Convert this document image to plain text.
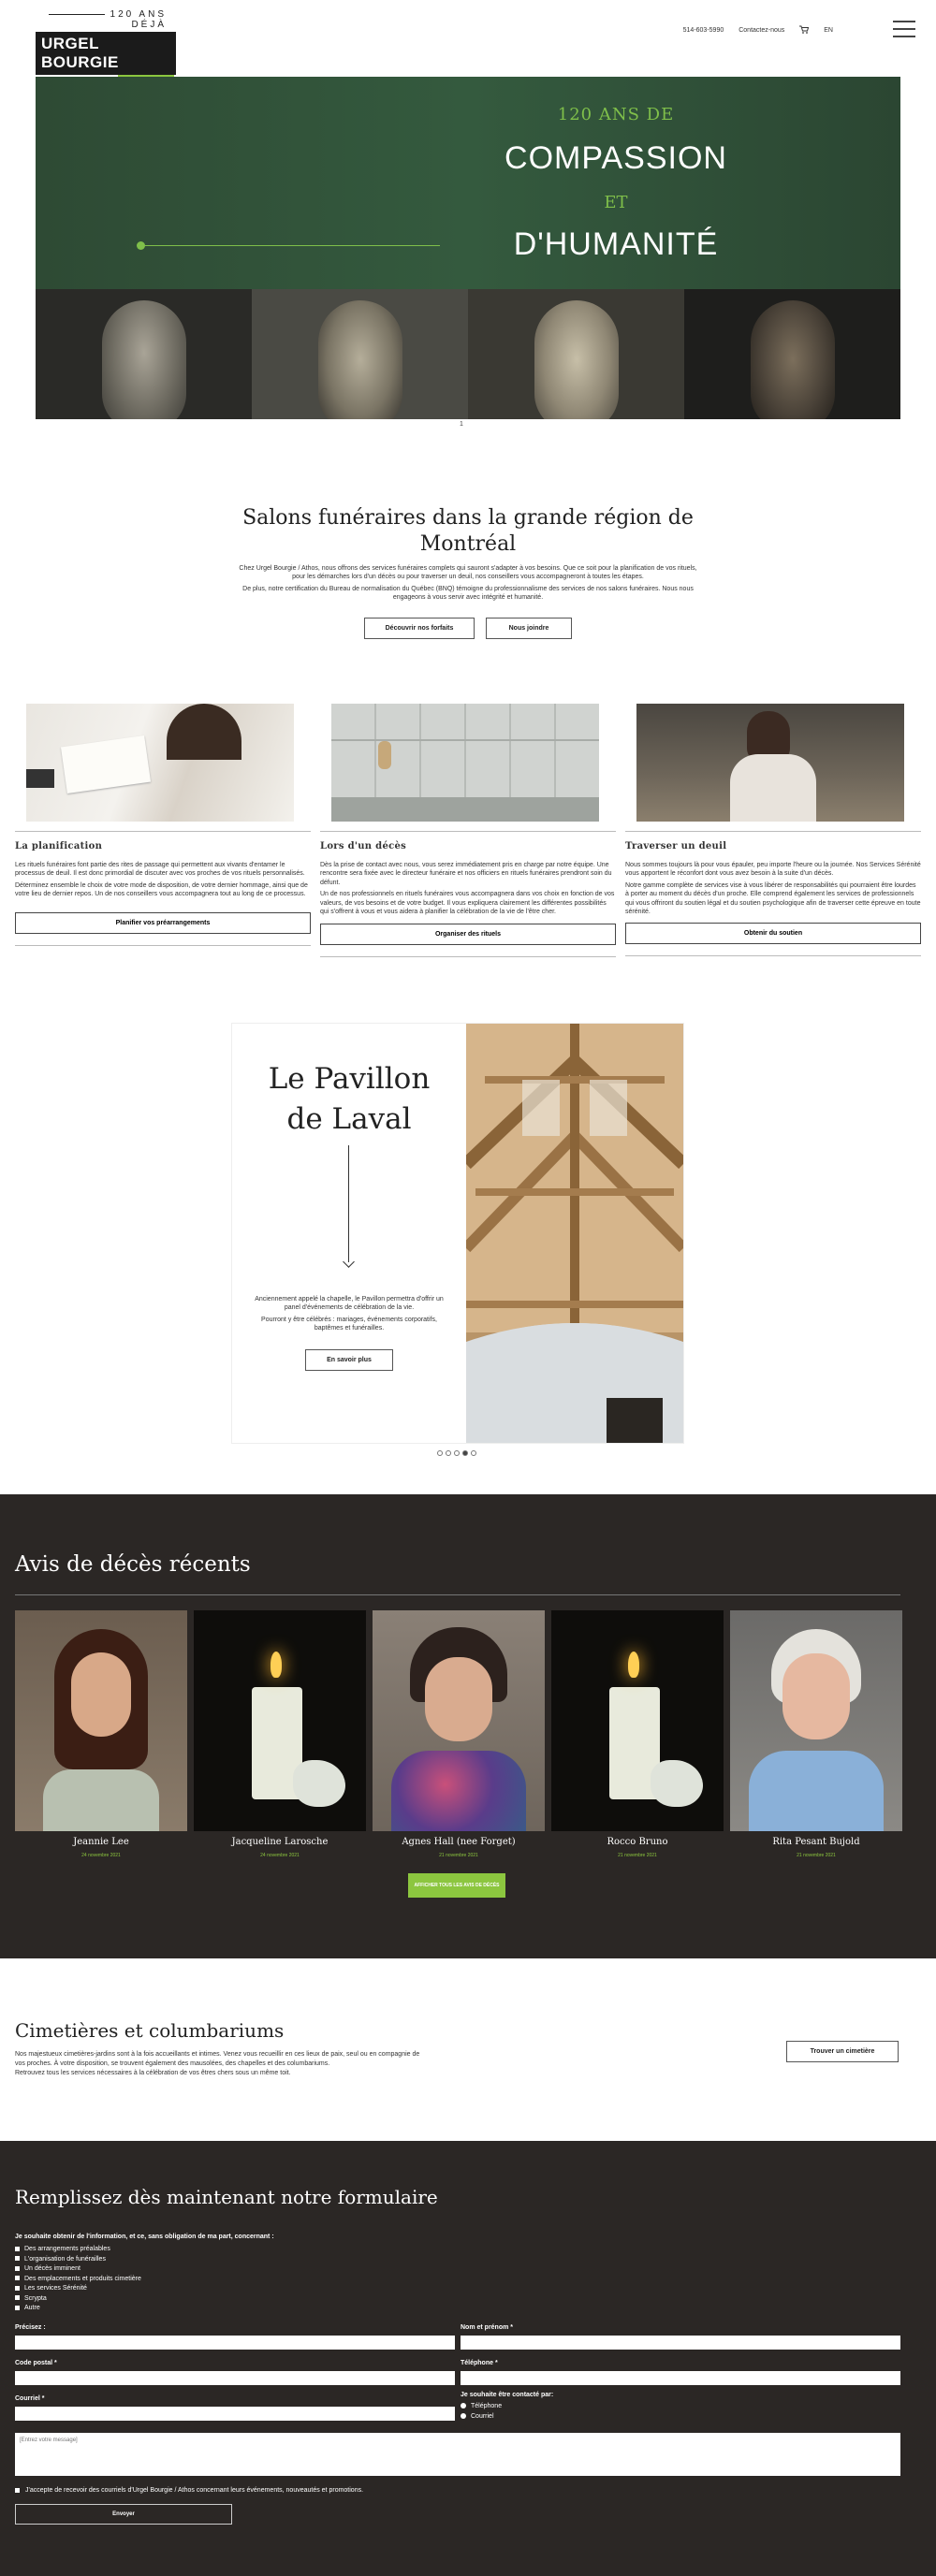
120 ANS DÉJÀ
URGEL BOURGIE
514-603-5990 Contactez-nous	EN
120 ANS DE
COMPASSION
ET
D'HUMANITÉ
1
Salons funéraires dans la grande région de Montréal

Chez Urgel Bourgie / Athos, nous offrons des services funéraires complets qui sauront s'adapter à vos besoins. Que ce soit pour la planification de vos rituels, pour les démarches lors d'un décès ou pour traverser un deuil, nos conseillers vous accompagneront à toutes les étapes.

De plus, notre certification du Bureau de normalisation du Québec (BNQ) témoigne du professionnalisme des services de nos salons funéraires. Nous nous engageons à vous servir avec intégrité et humanité.

Découvrir nos forfaits	Nous joindre
La planification

Les rituels funéraires font partie des rites de passage qui permettent aux vivants d'entamer le processus de deuil. Il est donc primordial de discuter avec vos proches de vos rituels personnalisés.

Déterminez ensemble le choix de votre mode de disposition, de votre dernier hommage, ainsi que de votre lieu de dernier repos. Un de nos conseillers vous accompagnera tout au long de ce processus.

Planifier vos préarrangements
Lors d'un décès

Dès la prise de contact avec nous, vous serez immédiatement pris en charge par notre équipe. Une rencontre sera fixée avec le directeur funéraire et nos officiers en rituels funéraires prendront soin du défunt.

Un de nos professionnels en rituels funéraires vous accompagnera dans vos choix en fonction de vos valeurs, de vos besoins et de votre budget. Il vous expliquera clairement les différentes possibilités qui s'offrent à vous et vous aidera à planifier la célébration de la vie de l'être cher.

Organiser des rituels
Traverser un deuil

Nous sommes toujours là pour vous épauler, peu importe l'heure ou la journée. Nos Services Sérénité vous apportent le réconfort dont vous avez besoin à la suite d'un décès.

Notre gamme complète de services vise à vous libérer de responsabilités qui pourraient être lourdes à porter au moment du décès d'un proche. Elle comprend également les services de professionnels qui vous offriront du soutien légal et du soutien psychologique afin de traverser cette épreuve en toute sérénité.

Obtenir du soutien
Le Pavillon
de Laval

Anciennement appelé la chapelle, le Pavillon permettra d'offrir un panel d'événements de célébration de la vie.

Pourront y être célébrés : mariages, événements corporatifs, baptêmes et funérailles.

En savoir plus
Avis de décès récents
Jeannie Lee
24 novembre 2021
Jacqueline Larosche
24 novembre 2021
Agnes Hall (nee Forget)
21 novembre 2021
Rocco Bruno
21 novembre 2021
Rita Pesant Bujold
21 novembre 2021
AFFICHER TOUS LES AVIS DE DÉCÈS
Cimetières et columbariums

Nos majestueux cimetières-jardins sont à la fois accueillants et intimes. Venez vous recueillir en ces lieux de paix, seul ou en compagnie de vos proches. À votre disposition, se trouvent également des mausolées, des chapelles et des columbariums.
Retrouvez tous les services nécessaires à la célébration de vos êtres chers sous un même toit.

Trouver un cimetière
Remplissez dès maintenant notre formulaire
Je souhaite obtenir de l'information, et ce, sans obligation de ma part, concernant :
Des arrangements préalables
L'organisation de funérailles
Un décès imminent
Des emplacements et produits cimetière
Les services Sérénité
Scrypta
Autre
Précisez :	Nom et prénom *
Code postal *	Téléphone *
Courriel *
Je souhaite être contacté par:
Téléphone
Courriel
[Entrez votre message]
J'accepte de recevoir des courriels d'Urgel Bourgie / Athos concernant leurs événements, nouveautés et promotions.
Envoyer
